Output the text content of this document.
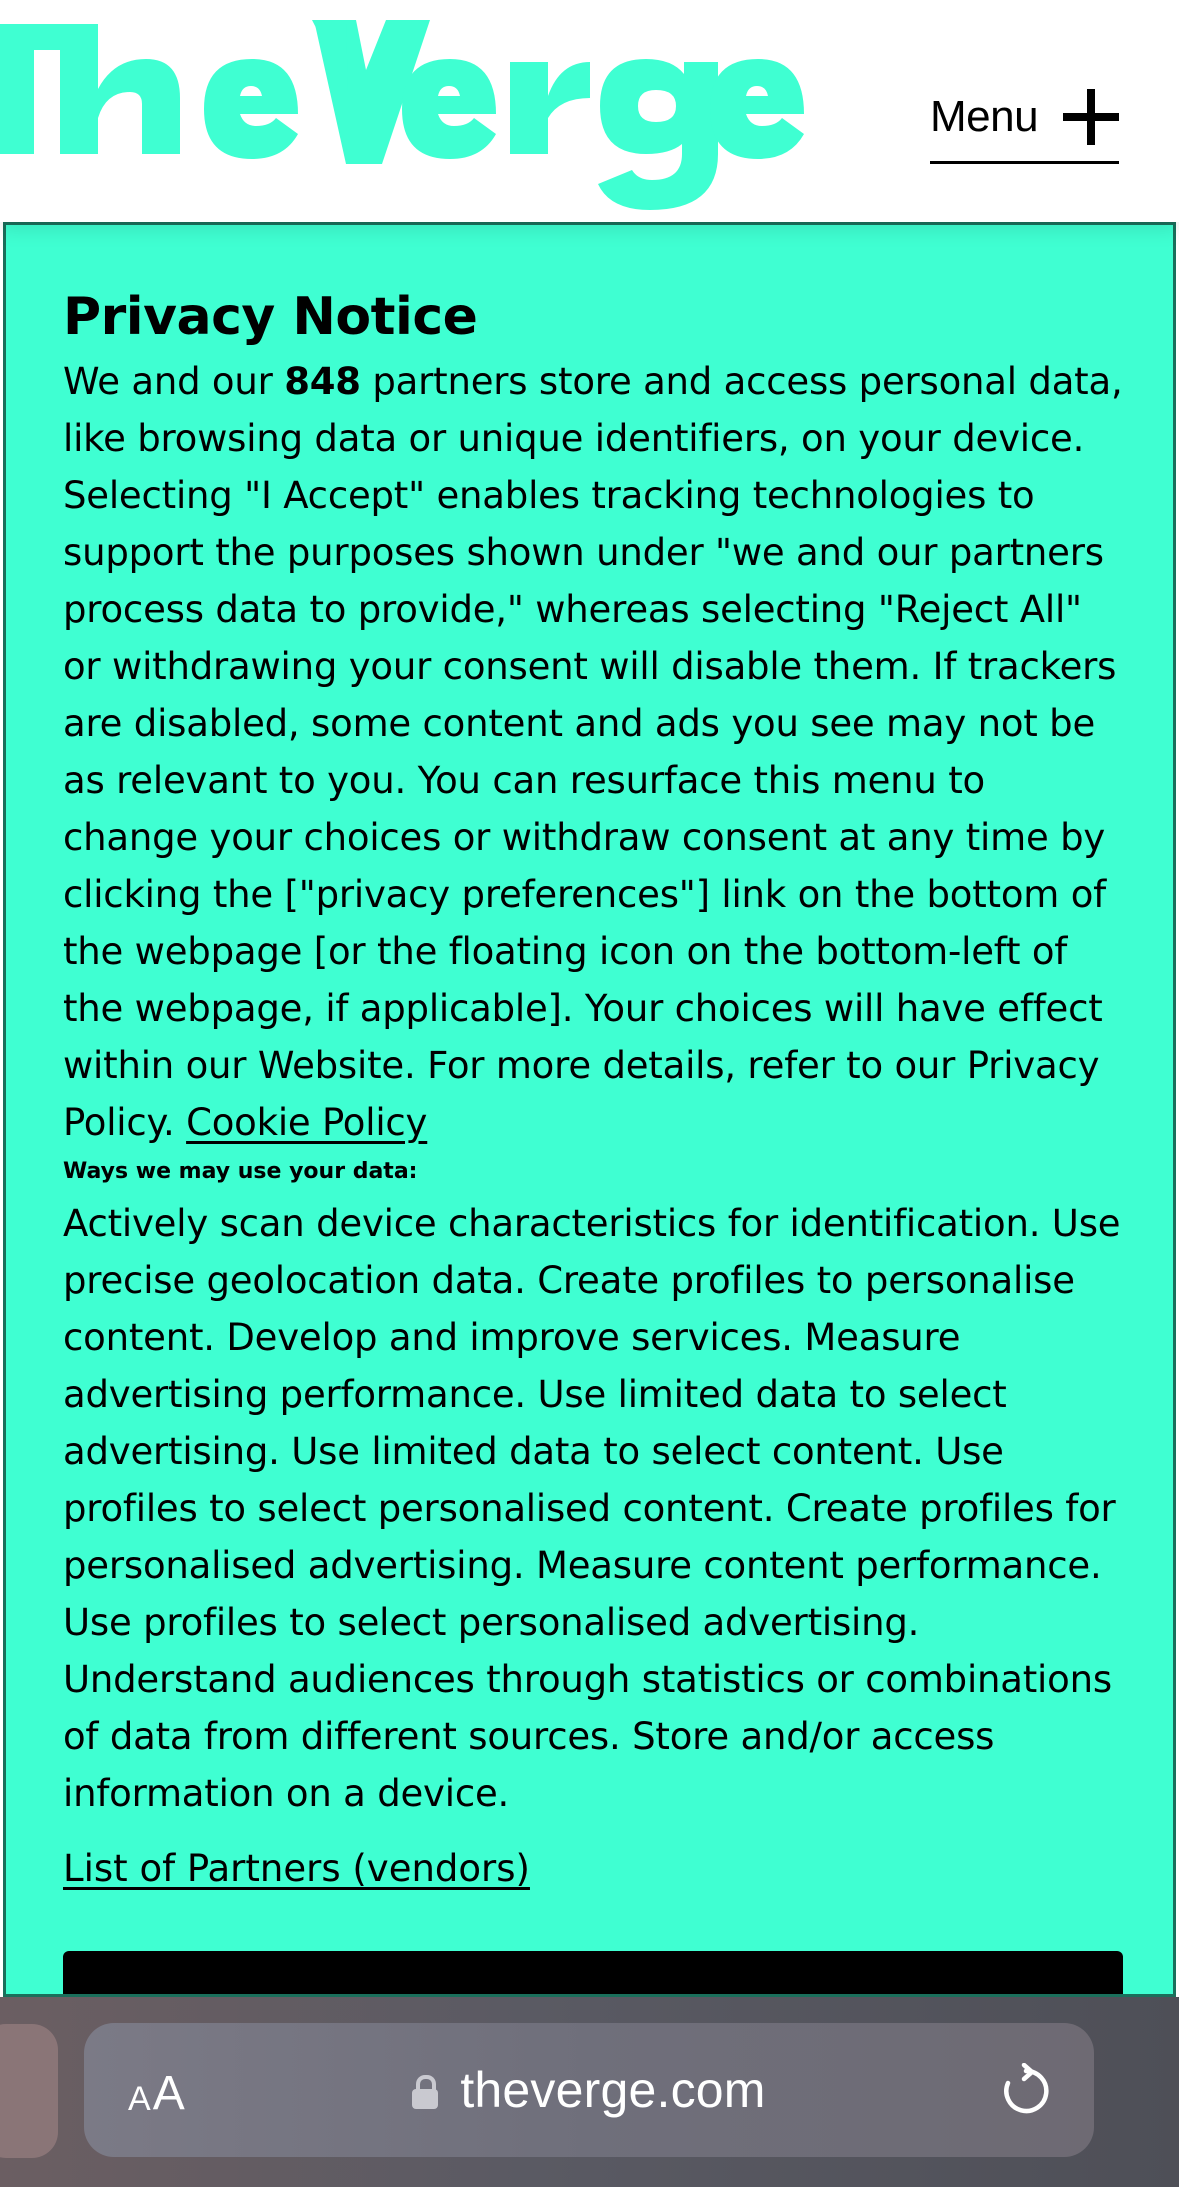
Menu
Privacy Notice

We and our 848 partners store and access personal data, like browsing data or unique identifiers, on your device. Selecting "I Accept" enables tracking technologies to support the purposes shown under "we and our partners process data to provide," whereas selecting "Reject All" or withdrawing your consent will disable them. If trackers are disabled, some content and ads you see may not be as relevant to you. You can resurface this menu to change your choices or withdraw consent at any time by clicking the ["privacy preferences"] link on the bottom of the webpage [or the floating icon on the bottom-left of the webpage, if applicable]. Your choices will have effect within our Website. For more details, refer to our Privacy Policy. Cookie Policy

Ways we may use your data:

Actively scan device characteristics for identification. Use precise geolocation data. Create profiles to personalise content. Develop and improve services. Measure advertising performance. Use limited data to select advertising. Use limited data to select content. Use profiles to select personalised content. Create profiles for personalised advertising. Measure content performance. Use profiles to select personalised advertising. Understand audiences through statistics or combinations of data from different sources. Store and/or access information on a device.

List of Partners (vendors)
A A	theverge.com
